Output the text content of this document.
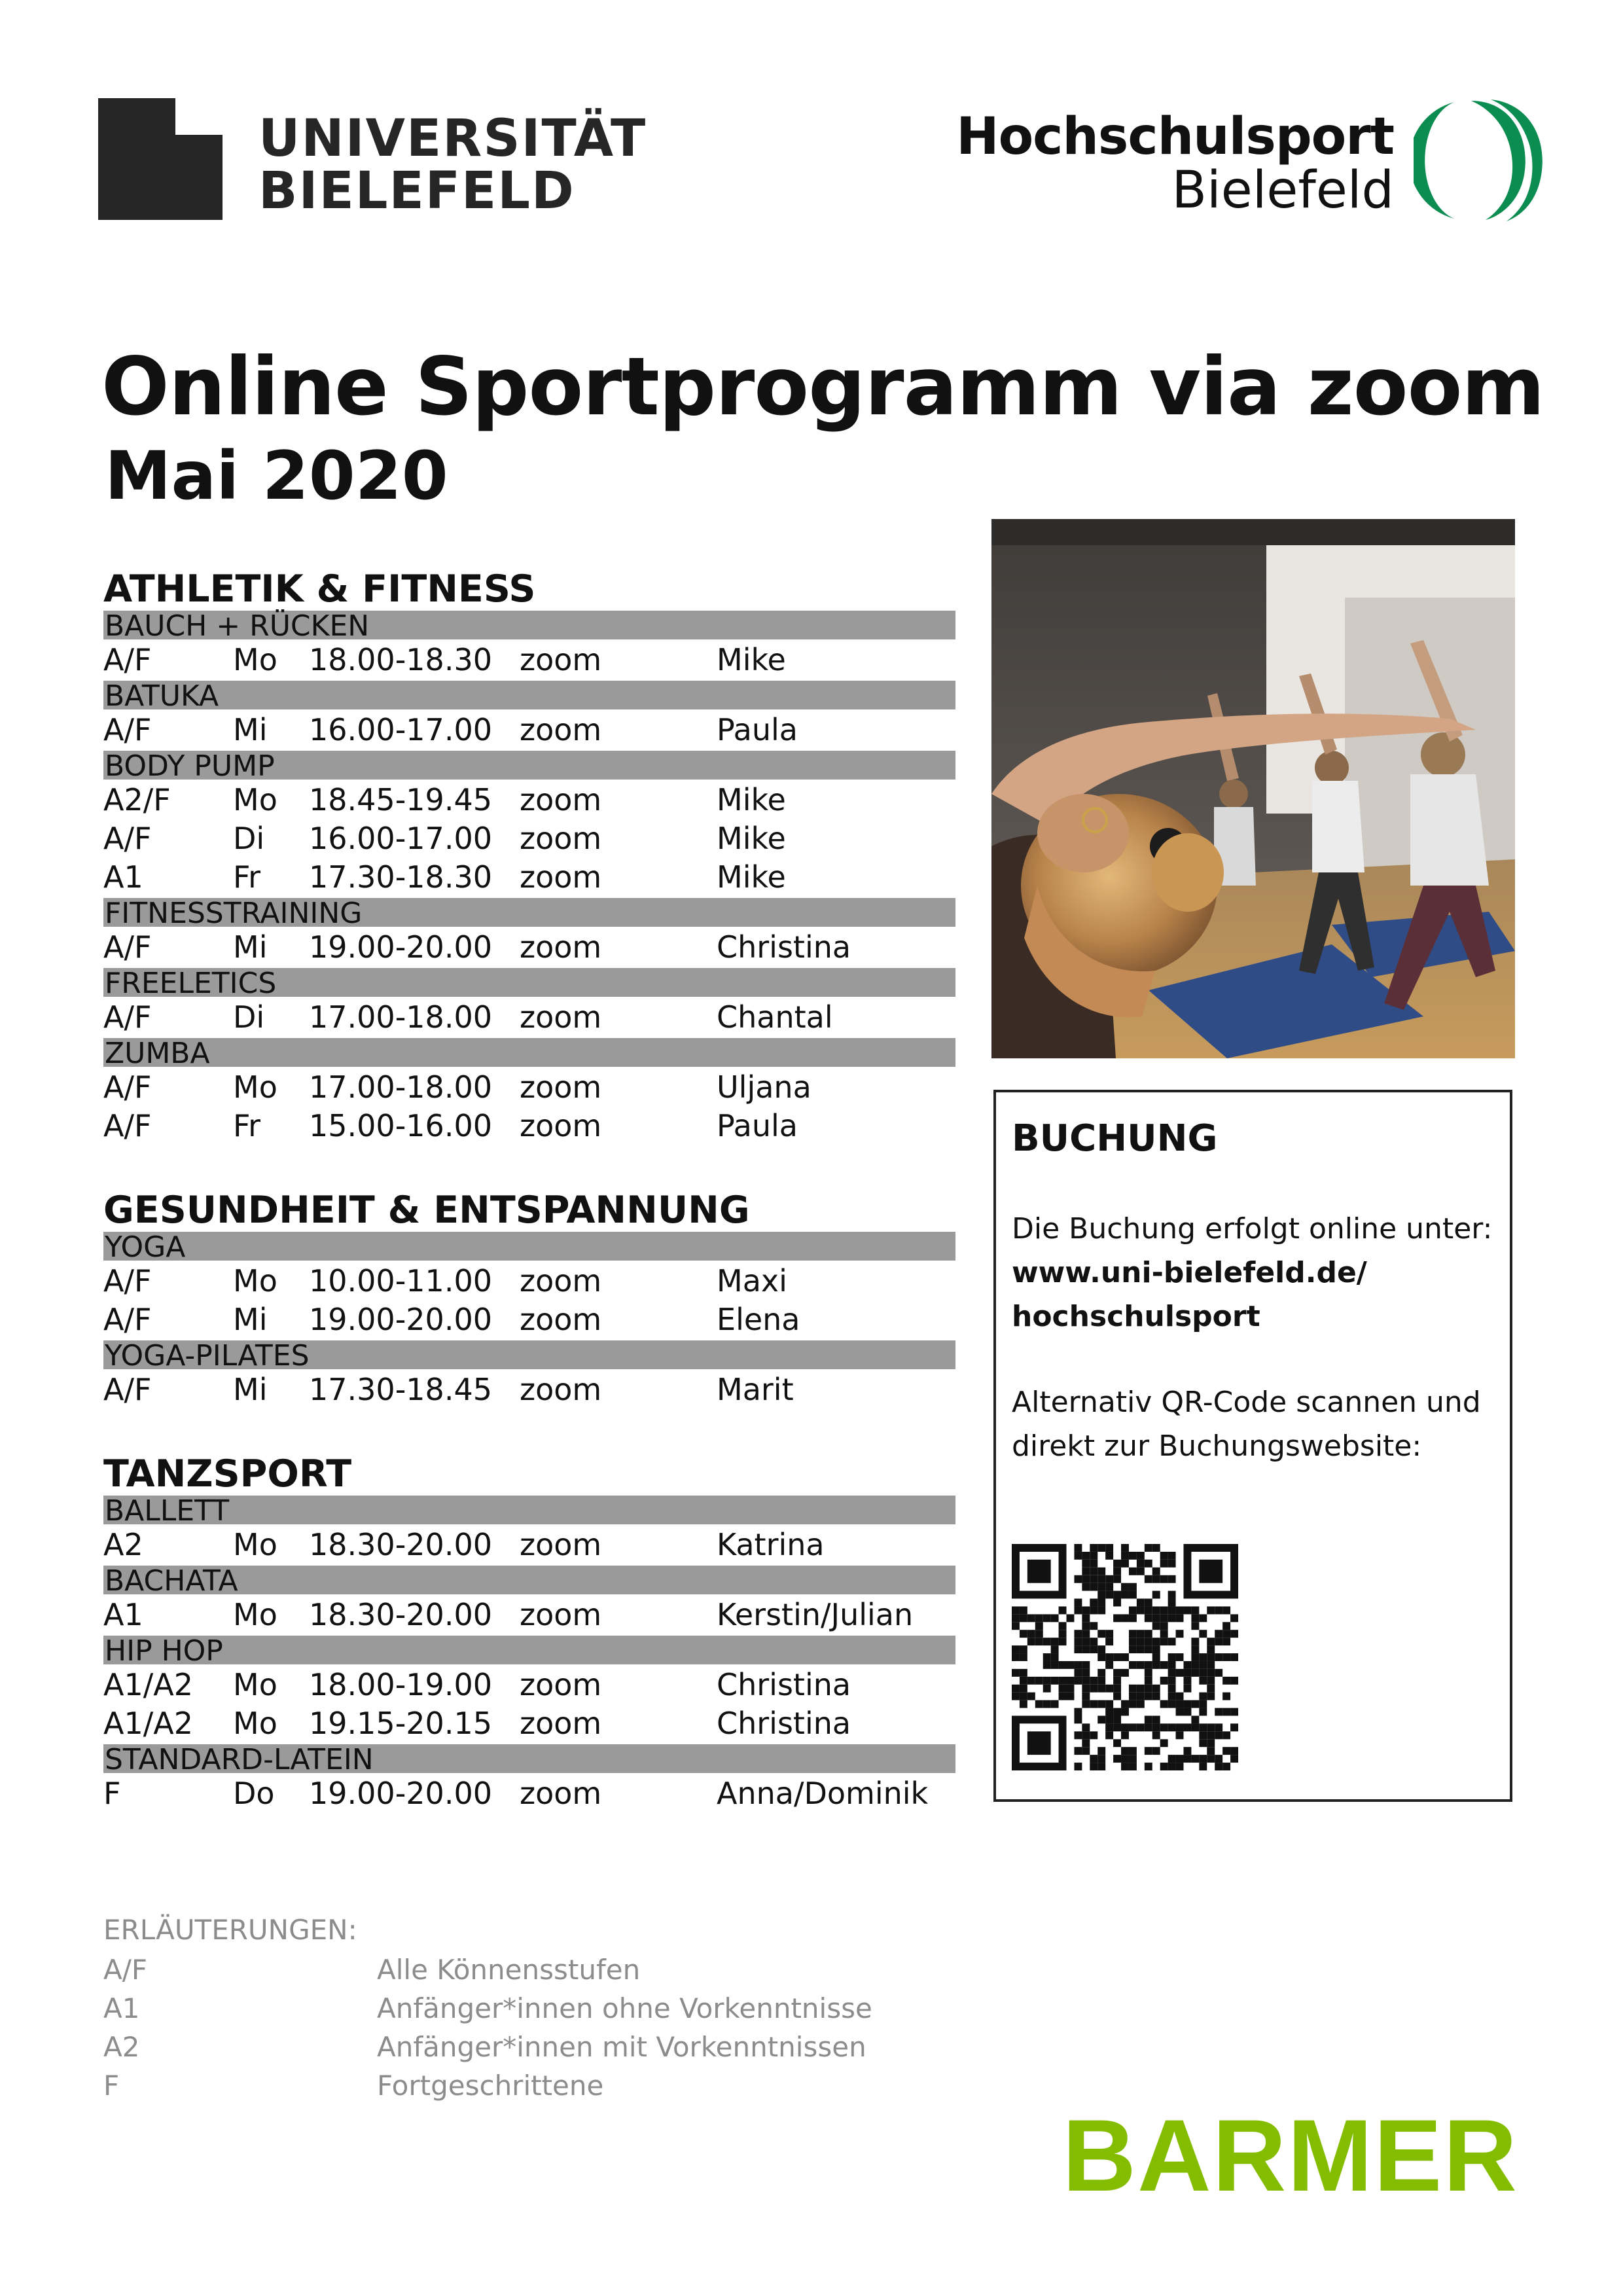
UNIVERSITÄT
BIELEFELD
Hochschulsport
Bielefeld
Online Sportprogramm via zoom
Mai 2020
ATHLETIK & FITNESS
BAUCH + RÜCKEN
A/F	Mo 18.00-18.30 zoom	Mike
BATUKA
A/F	Mi 16.00-17.00 zoom	Paula
BODY PUMP
A2/F Mo 18.45-19.45 zoom	Mike
A/F	Di 16.00-17.00 zoom	Mike
A1	Fr 17.30-18.30 zoom	Mike
FITNESSTRAINING
A/F	Mi 19.00-20.00 zoom	Christina
FREELETICS
A/F	Di 17.00-18.00 zoom	Chantal
ZUMBA
A/F	Mo 17.00-18.00 zoom	Uljana
A/F	Fr 15.00-16.00 zoom	Paula
GESUNDHEIT & ENTSPANNUNG
YOGA
A/F	Mo 10.00-11.00 zoom	Maxi
A/F	Mi 19.00-20.00 zoom	Elena
YOGA-PILATES
A/F	Mi 17.30-18.45 zoom	Marit
TANZSPORT
BALLETT
A2	Mo 18.30-20.00 zoom	Katrina
BACHATA
A1	Mo 18.30-20.00 zoom	Kerstin/Julian
HIP HOP
A1/A2 Mo 18.00-19.00 zoom	Christina
A1/A2 Mo 19.15-20.15 zoom	Christina
STANDARD-LATEIN
F	Do 19.00-20.00 zoom	Anna/Dominik
ERLÄUTERUNGEN:
A/F	Alle Könnensstufen
A1	Anfänger*innen ohne Vorkenntnisse
A2	Anfänger*innen mit Vorkenntnissen
F	Fortgeschrittene
BUCHUNG
Die Buchung erfolgt online unter:
www.uni-bielefeld.de/
hochschulsport
Alternativ QR-Code scannen und
direkt zur Buchungswebsite:
BARMER
